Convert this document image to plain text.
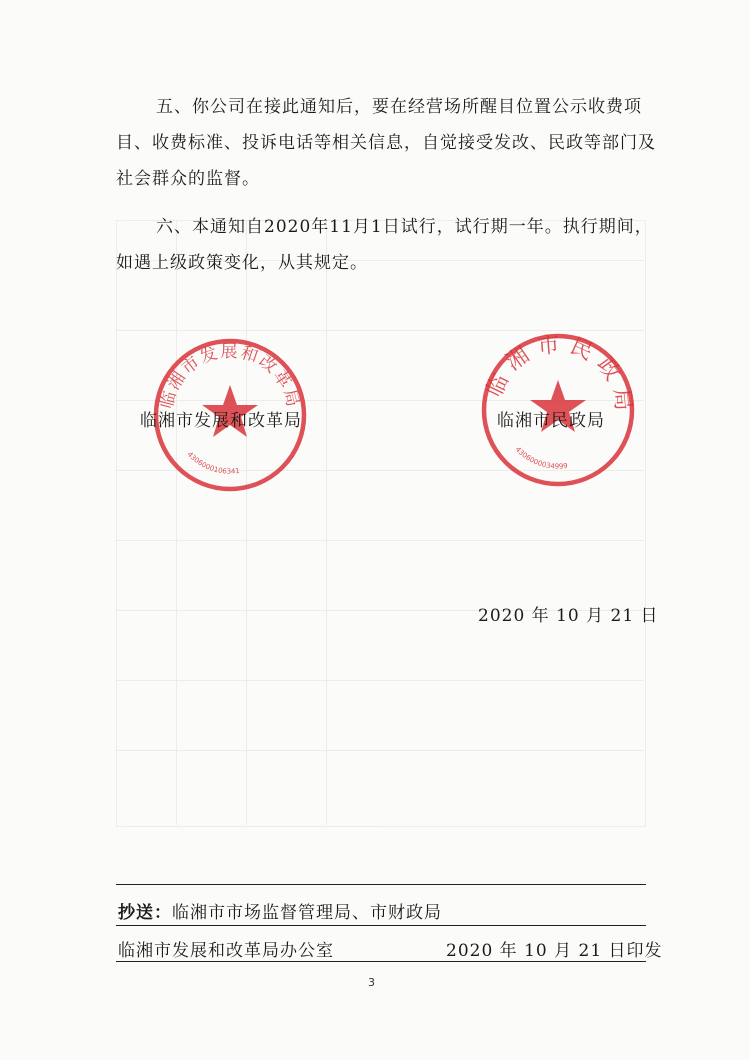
五、你公司在接此通知后，要在经营场所醒目位置公示收费项目、收费标准、投诉电话等相关信息，自觉接受发改、民政等部门及社会群众的监督。

六、本通知自2020年11月1日试行，试行期一年。执行期间，如遇上级政策变化，从其规定。

临湘市发展和改革局
4306000106341
临湘市民政局
4306000034999
临湘市发展和改革局	临湘市民政局
2020 年 10 月 21 日
抄送：临湘市市场监督管理局、市财政局
临湘市发展和改革局办公室	2020 年 10 月 21 日印发
3
